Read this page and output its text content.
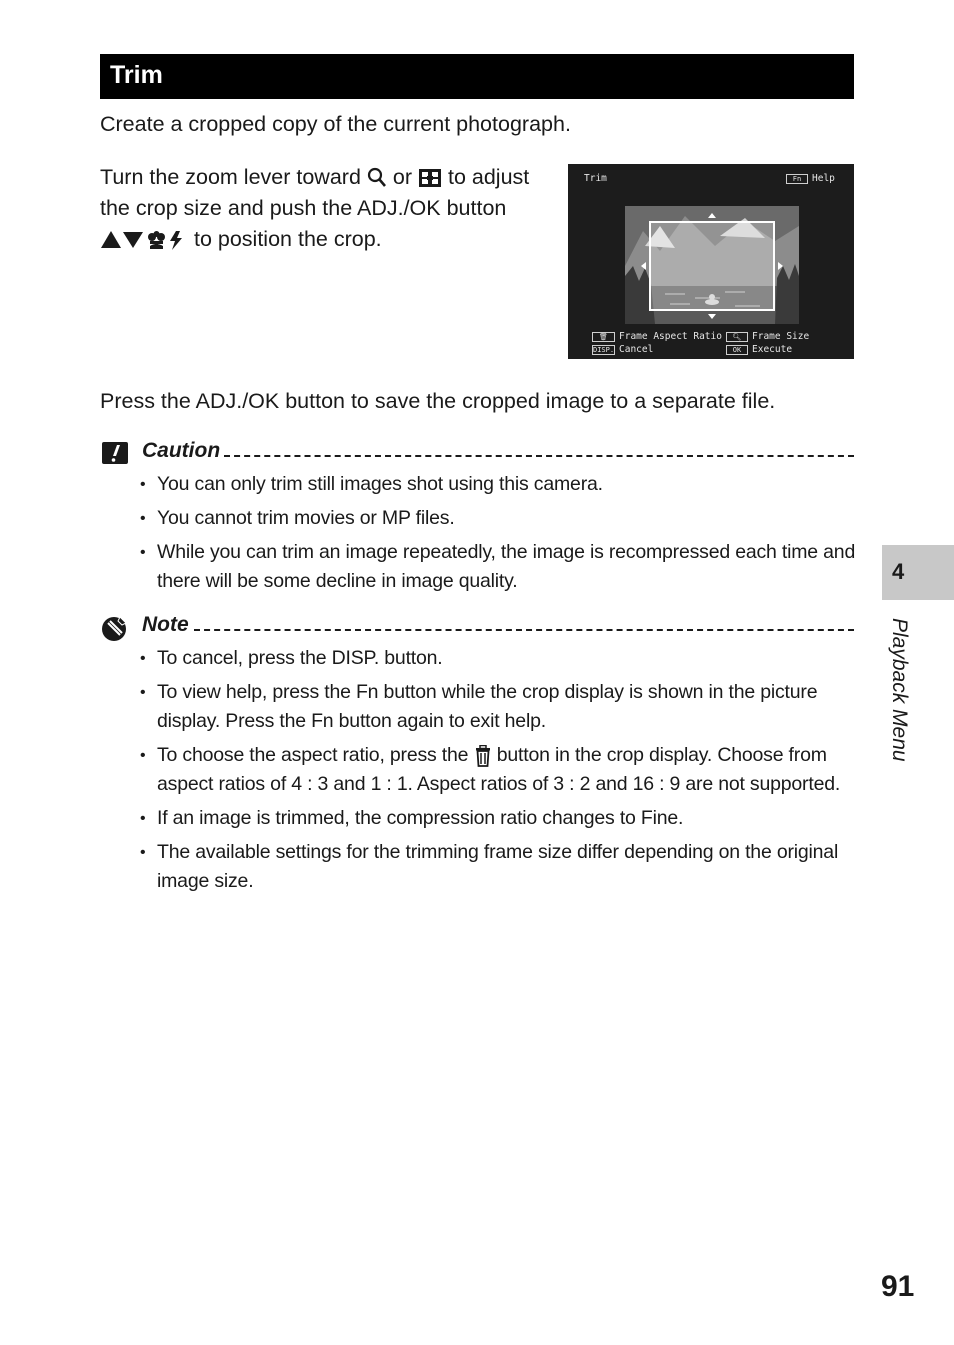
Trim
Create a cropped copy of the current photograph.
Turn the zoom lever toward or to adjust the crop size and push the ADJ./OK button
to position the crop.
Trim	Fn	Help
🗑︎	Frame Aspect Ratio	🔍︎	Frame Size
DISP. Cancel	OK	Execute
Press the ADJ./OK button to save the cropped image to a separate file.
Caution
• You can only trim still images shot using this camera.
• You cannot trim movies or MP files.
• While you can trim an image repeatedly, the image is recompressed each time and there will be some decline in image quality.
Note
• To cancel, press the DISP. button.
• To view help, press the Fn button while the crop display is shown in the picture display. Press the Fn button again to exit help.
• To choose the aspect ratio, press the button in the crop display. Choose from aspect ratios of 4 : 3 and 1 : 1. Aspect ratios of 3 : 2 and 16 : 9 are not supported.
• If an image is trimmed, the compression ratio changes to Fine.
• The available settings for the trimming frame size differ depending on the original image size.
4
Playback Menu
91
